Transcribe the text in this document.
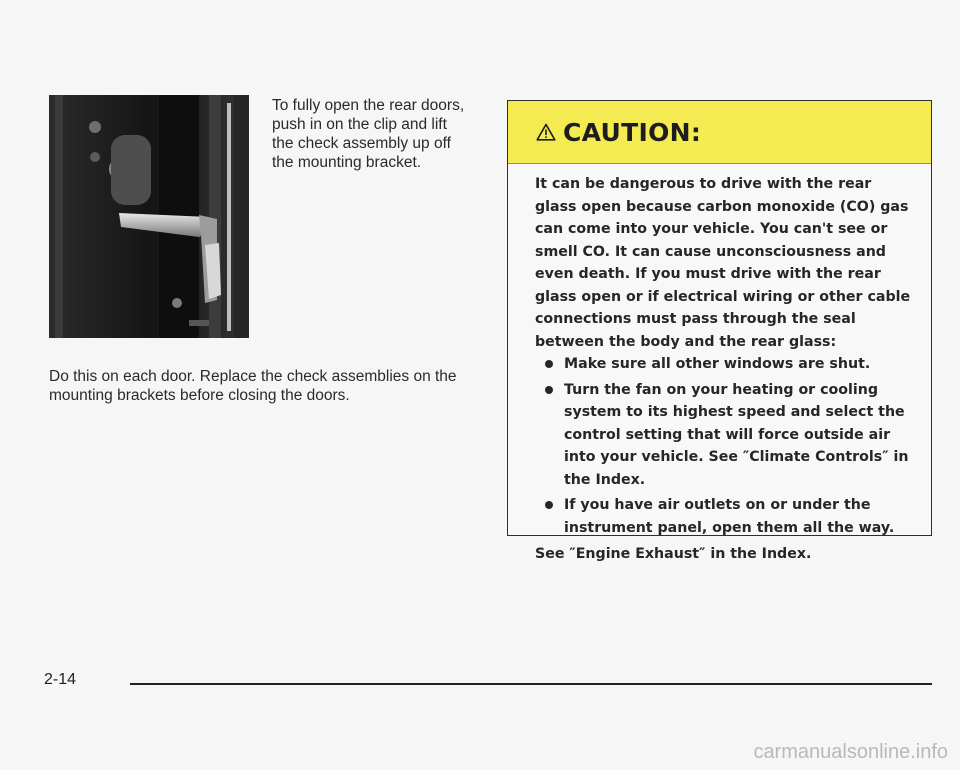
To fully open the rear doors, push in on the clip and lift the check assembly up off the mounting bracket.

Do this on each door. Replace the check assemblies on the mounting brackets before closing the doors.

CAUTION:

It can be dangerous to drive with the rear glass open because carbon monoxide (CO) gas can come into your vehicle. You can't see or smell CO. It can cause unconsciousness and even death. If you must drive with the rear glass open or if electrical wiring or other cable connections must pass through the seal between the body and the rear glass:

Make sure all other windows are shut.
Turn the fan on your heating or cooling system to its highest speed and select the control setting that will force outside air into your vehicle. See ″Climate Controls″ in the Index.
If you have air outlets on or under the instrument panel, open them all the way.

See ″Engine Exhaust″ in the Index.

2-14
carmanualsonline.info
